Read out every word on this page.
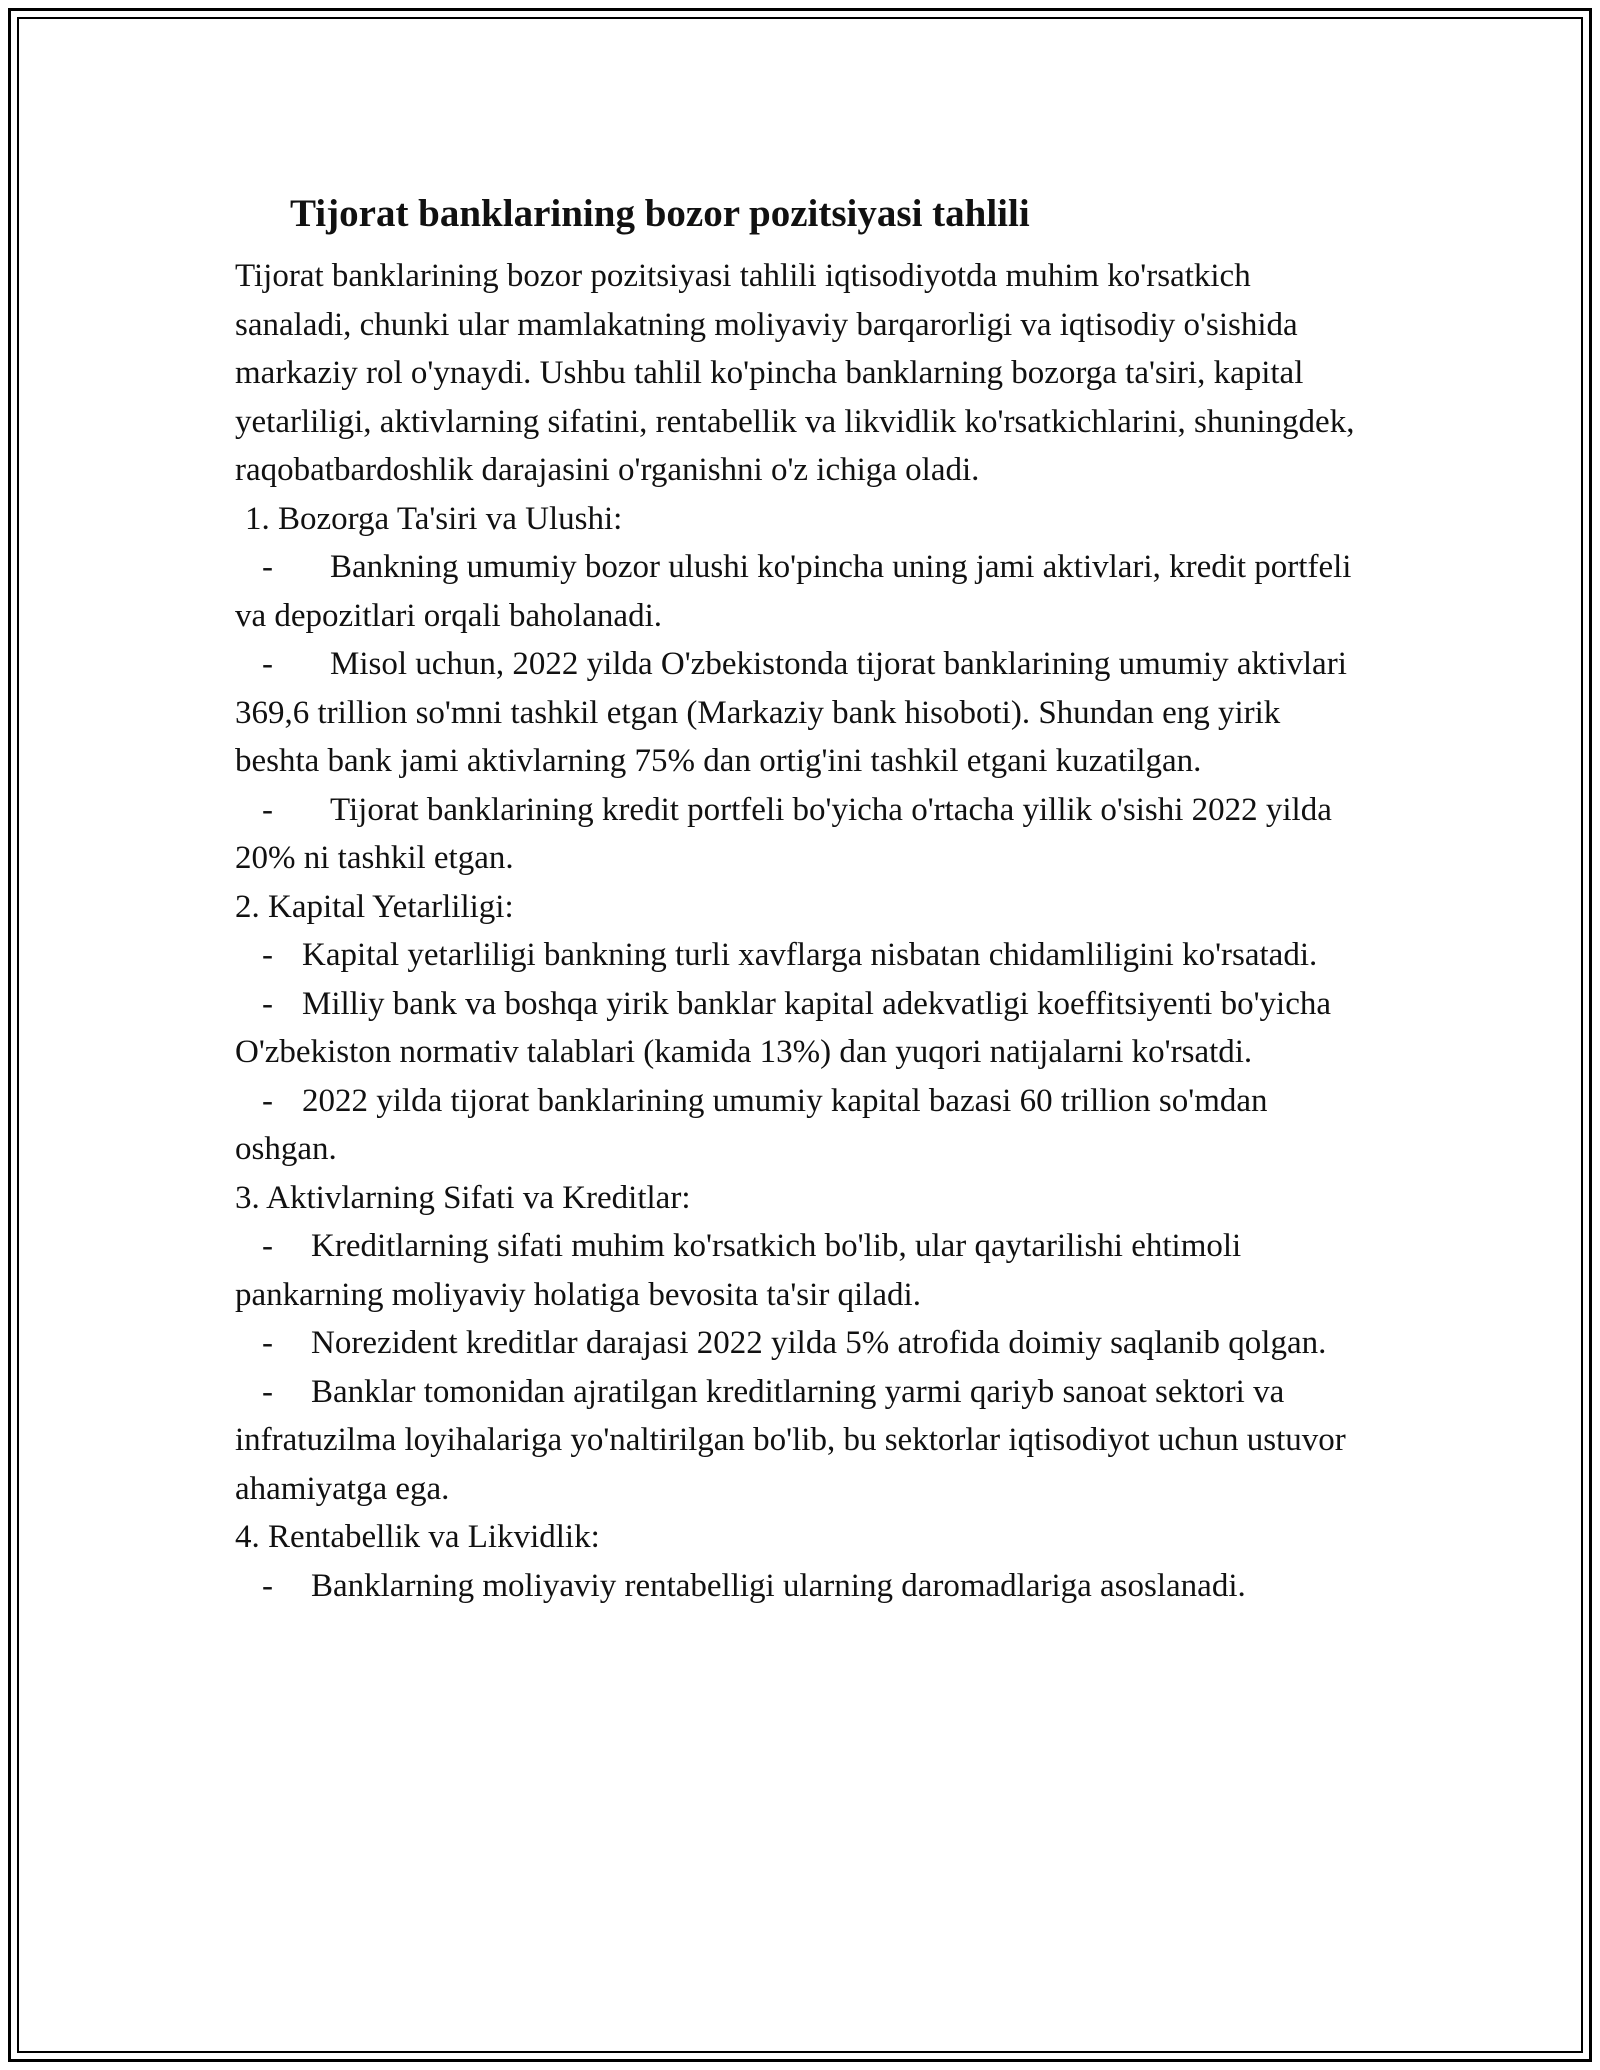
Tijorat banklarining bozor pozitsiyasi tahlili

Tijorat banklarining bozor pozitsiyasi tahlili iqtisodiyotda muhim ko'rsatkich sanaladi, chunki ular mamlakatning moliyaviy barqarorligi va iqtisodiy o'sishida markaziy rol o'ynaydi. Ushbu tahlil ko'pincha banklarning bozorga ta'siri, kapital yetarliligi, aktivlarning sifatini, rentabellik va likvidlik ko'rsatkichlarini, shuningdek, raqobatbardoshlik darajasini o'rganishni o'z ichiga oladi.

1. Bozorga Ta'siri va Ulushi:

- Bankning umumiy bozor ulushi ko'pincha uning jami aktivlari, kredit portfeli va depozitlari orqali baholanadi.

- Misol uchun, 2022 yilda O'zbekistonda tijorat banklarining umumiy aktivlari 369,6 trillion so'mni tashkil etgan (Markaziy bank hisoboti). Shundan eng yirik beshta bank jami aktivlarning 75% dan ortig'ini tashkil etgani kuzatilgan.

- Tijorat banklarining kredit portfeli bo'yicha o'rtacha yillik o'sishi 2022 yilda 20% ni tashkil etgan.

2. Kapital Yetarliligi:

- Kapital yetarliligi bankning turli xavflarga nisbatan chidamliligini ko'rsatadi.

- Milliy bank va boshqa yirik banklar kapital adekvatligi koeffitsiyenti bo'yicha O'zbekiston normativ talablari (kamida 13%) dan yuqori natijalarni ko'rsatdi.

- 2022 yilda tijorat banklarining umumiy kapital bazasi 60 trillion so'mdan oshgan.

3. Aktivlarning Sifati va Kreditlar:

- Kreditlarning sifati muhim ko'rsatkich bo'lib, ular qaytarilishi ehtimoli pankarning moliyaviy holatiga bevosita ta'sir qiladi.

- Norezident kreditlar darajasi 2022 yilda 5% atrofida doimiy saqlanib qolgan.

- Banklar tomonidan ajratilgan kreditlarning yarmi qariyb sanoat sektori va infratuzilma loyihalariga yo'naltirilgan bo'lib, bu sektorlar iqtisodiyot uchun ustuvor ahamiyatga ega.

4. Rentabellik va Likvidlik:

- Banklarning moliyaviy rentabelligi ularning daromadlariga asoslanadi.
